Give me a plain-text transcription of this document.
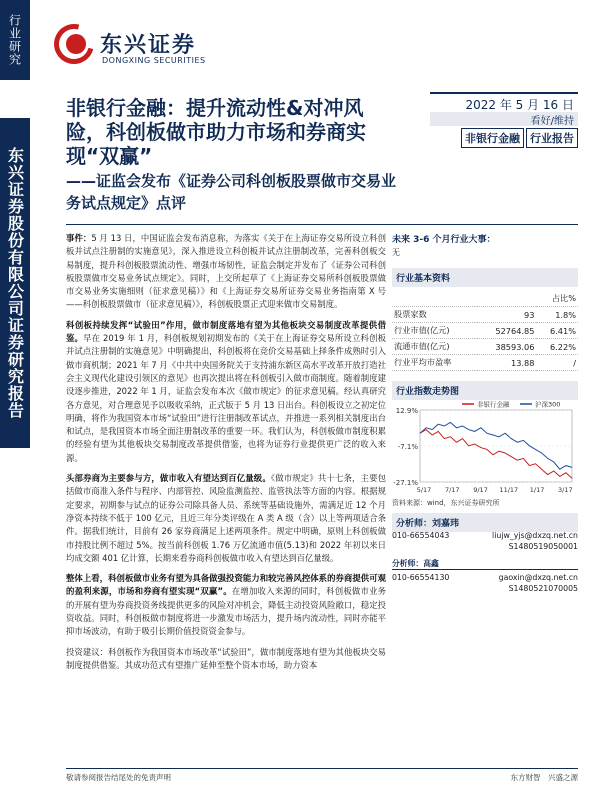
行业研究
东兴证券股份有限公司证券研究报告
东兴证券
DONGXING SECURITIES
非银行金融：提升流动性&对冲风险，科创板做市助力市场和券商实现“双赢”
——证监会发布《证券公司科创板股票做市交易业务试点规定》点评
2022 年 5 月 16 日
看好/维持
非银行金融 行业报告

事件：5 月 13 日，中国证监会发布消息称，为落实《关于在上海证券交易所设立科创板并试点注册制的实施意见》，深入推进设立科创板并试点注册制改革，完善科创板交易制度，提升科创板股票流动性、增强市场韧性，证监会制定并发布了《证券公司科创板股票做市交易业务试点规定》。同时，上交所起草了《上海证券交易所科创板股票做市交易业务实施细则（征求意见稿）》和《上海证券交易所证券交易业务指南第 X 号——科创板股票做市（征求意见稿）》，科创板股票正式迎来做市交易制度。

科创板持续发挥“试验田”作用，做市制度落地有望为其他板块交易制度改革提供借鉴。早在 2019 年 1 月，科创板规划初期发布的《关于在上海证券交易所设立科创板并试点注册制的实施意见》中明确提出，科创板将在竞价交易基础上择条件成熟时引入做市商机制；2021 年 7 月《中共中央国务院关于支持浦东新区高水平改革开放打造社会主义现代化建设引领区的意见》也再次提出将在科创板引入做市商制度。随着制度建设逐步推进，2022 年 1 月，证监会发布本次《做市规定》的征求意见稿。经认真研究各方意见，对合理意见予以吸收采纳，正式版于 5 月 13 日出台。科创板设立之初定位明确，将作为我国资本市场“试验田”进行注册制改革试点，并推进一系列相关制度出台和试点，是我国资本市场全面注册制改革的重要一环。我们认为，科创板做市制度积累的经验有望为其他板块交易制度改革提供借鉴，也将为证券行业提供更广泛的收入来源。

头部券商为主要参与方，做市收入有望达到百亿量级。《做市规定》共十七条，主要包括做市商准入条件与程序、内部管控、风险监测监控、监管执法等方面的内容。根据规定要求，初期参与试点的证券公司除具备人员、系统等基础设施外，需满足近 12 个月净资本持续不低于 100 亿元，且近三年分类评级在 A 类 A 级（含）以上等两项适合条件。据我们统计，目前有 26 家券商满足上述两项条件。规定中明确，原则上科创板做市持股比例不超过 5%。按当前科创板 1.76 万亿流通市值(5.13)和 2022 年初以来日均成交额 401 亿计算，长期来看券商科创板做市收入有望达到百亿量级。

整体上看，科创板做市业务有望为具备做强投资能力和较完善风控体系的券商提供可观的盈利来源，市场和券商有望实现“双赢”。在增加收入来源的同时，科创板做市业务的开展有望为券商投资务线提供更多的风险对冲机会，降低主动投资风险敞口，稳定投资收益。同时，科创板做市制度将进一步激发市场活力，提升场内流动性，同时亦能平抑市场波动，有助于吸引长期价值投资资金参与。

投资建议：科创板作为我国资本市场改革“试验田”，做市制度落地有望为其他板块交易制度提供借鉴。其成功范式有望推广延伸至整个资本市场，助力资本

未来 3-6 个月行业大事：
无
行业基本资料
		占比%
股票家数	93	1.8%
行业市值(亿元)	52764.85	6.41%
流通市值(亿元)	38593.06	6.22%
行业平均市盈率	13.88	/
行业指数走势图
12.9%
-7.1%
-27.1%
5/17 7/17 9/17 11/17 1/17 3/17
非银行金融	沪深300
资料来源：wind，东兴证券研究所
分析师：刘嘉玮
010-66554043	liujw_yjs@dxzq.net.cn
S1480519050001
分析师：高鑫
010-66554130	gaoxin@dxzq.net.cn
S1480521070005
敬请参阅报告结尾处的免责声明	东方财智　兴盛之源
